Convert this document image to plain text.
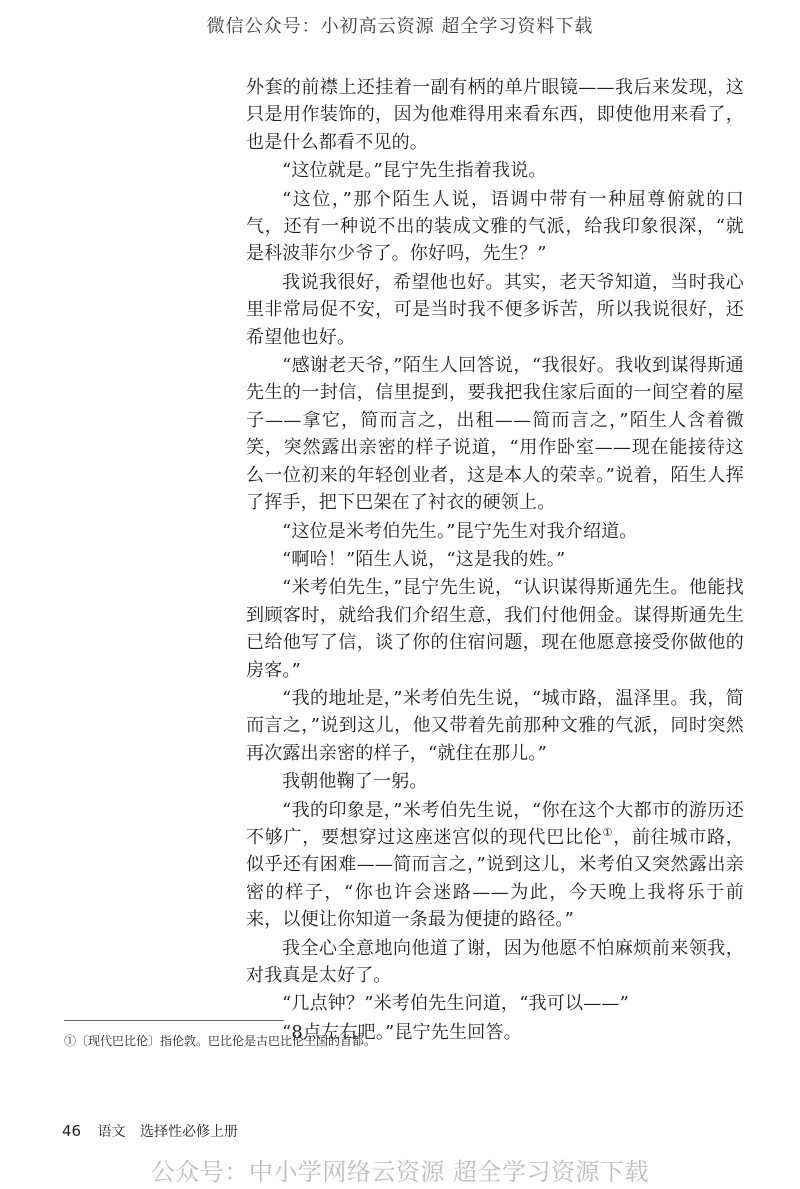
微信公众号：小初高云资源 超全学习资料下载

外套的前襟上还挂着一副有柄的单片眼镜——我后来发现，这只是用作装饰的，因为他难得用来看东西，即使他用来看了，也是什么都看不见的。

“这位就是。”昆宁先生指着我说。

“这位，”那个陌生人说，语调中带有一种屈尊俯就的口气，还有一种说不出的装成文雅的气派，给我印象很深，“就是科波菲尔少爷了。你好吗，先生？”

我说我很好，希望他也好。其实，老天爷知道，当时我心里非常局促不安，可是当时我不便多诉苦，所以我说很好，还希望他也好。

“感谢老天爷，”陌生人回答说，“我很好。我收到谋得斯通先生的一封信，信里提到，要我把我住家后面的一间空着的屋子——拿它，简而言之，出租——简而言之，”陌生人含着微笑，突然露出亲密的样子说道，“用作卧室——现在能接待这么一位初来的年轻创业者，这是本人的荣幸。”说着，陌生人挥了挥手，把下巴架在了衬衣的硬领上。

“这位是米考伯先生。”昆宁先生对我介绍道。

“啊哈！”陌生人说，“这是我的姓。”

“米考伯先生，”昆宁先生说，“认识谋得斯通先生。他能找到顾客时，就给我们介绍生意，我们付他佣金。谋得斯通先生已给他写了信，谈了你的住宿问题，现在他愿意接受你做他的房客。”

“我的地址是，”米考伯先生说，“城市路，温泽里。我，简而言之，”说到这儿，他又带着先前那种文雅的气派，同时突然再次露出亲密的样子，“就住在那儿。”

我朝他鞠了一躬。

“我的印象是，”米考伯先生说，“你在这个大都市的游历还不够广，要想穿过这座迷宫似的现代巴比伦①，前往城市路，似乎还有困难——简而言之，”说到这儿，米考伯又突然露出亲密的样子，“你也许会迷路——为此，今天晚上我将乐于前来，以便让你知道一条最为便捷的路径。”

我全心全意地向他道了谢，因为他愿不怕麻烦前来领我，对我真是太好了。

“几点钟？”米考伯先生问道，“我可以——”

“8点左右吧。”昆宁先生回答。

①〔现代巴比伦〕指伦敦。巴比伦是古巴比伦王国的首都。
46 语文 选择性必修上册
公众号：中小学网络云资源 超全学习资源下载
